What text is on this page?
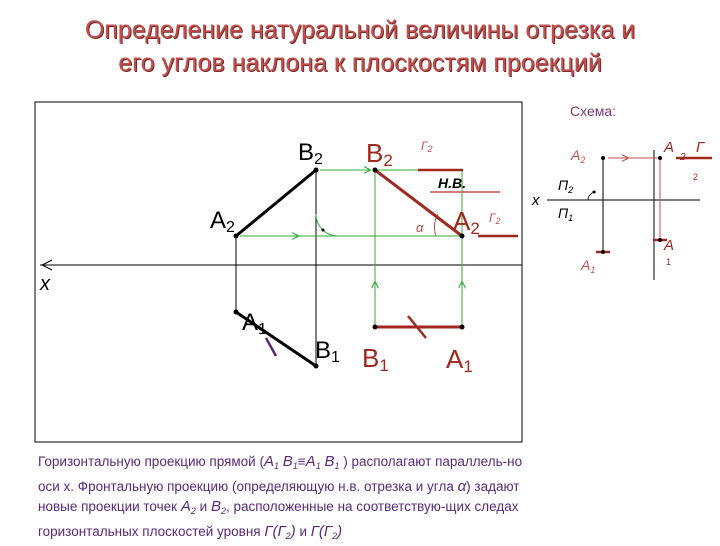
Определение натуральной величины отрезка и
его углов наклона к плоскостям проекций
x
B2
A2
A1
B1
α
Н.В.
B2
Г2
A2
Г2
B1 A1
Схема:
$A_2$
$A_2$
Г
$_2$
x
$П_2$
$П_1$
$A_1$
A
$^1$
Горизонтальную проекцию прямой ($A_1$ $B_1\equiv A_1$ $B_1$ ) располагают параллель-но
оси х. Фронтальную проекцию (определяющую н.в. отрезка и угла α) задают
новые проекции точек $A_2$ и $B_2$, расположенные на соответствую-щих следах
горизонтальных плоскостей уровня $Г(Г_2)$ и $Г(Г_2)$
